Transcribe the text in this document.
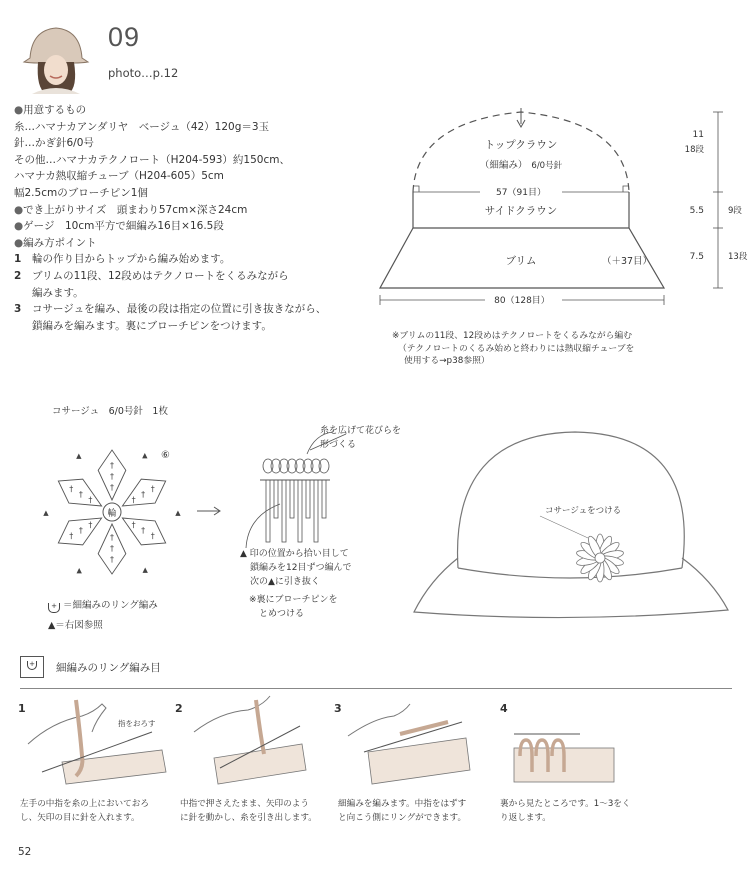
09
photo…p.12
●用意するもの
糸…ハマナカアンダリヤ　ベージュ（42）120g＝3玉
針…かぎ針6/0号
その他…ハマナカテクノロート（H204-593）約150cm、
ハマナカ熱収縮チューブ（H204-605）5cm
幅2.5cmのブローチピン1個
●でき上がりサイズ　頭まわり57cm×深さ24cm
●ゲージ　10cm平方で細編み16目×16.5段
●編み方ポイント
1 輪の作り目からトップから編み始めます。
2 ブリムの11段、12段めはテクノロートをくるみながら
編みます。
3 コサージュを編み、最後の段は指定の位置に引き抜きながら、
鎖編みを編みます。裏にブローチピンをつけます。
トップクラウン
（細編み） 6/0号針
57（91目）
サイドクラウン
ブリム	（＋37目）
80（128目）
11
18段
5.5	9段
7.5	13段
※ブリムの11段、12段めはテクノロートをくるみながら編む
（テクノロートのくるみ始めと終わりには熱収縮チューブを
使用する→p38参照）
コサージュ　6/0号針　1枚
†
†
†
▲
†
†
†
▲
†
†
†
▲
†
†
†
▲
†
†
†
▲
†
†
†
▲
輪
⑥
+ ＝細編みのリング編み
▲＝右図参照
糸を広げて花びらを
形づくる
▲ 印の位置から拾い目して
鎖編みを12目ずつ編んで
次の▲に引き抜く
※裏にブローチピンを
とめつける
コサージュをつける
+ 細編みのリング編み目
1	2	3	4
指をおろす
左手の中指を糸の上においておろ
し、矢印の目に針を入れます。
中指で押さえたまま、矢印のよう
に針を動かし、糸を引き出します。
細編みを編みます。中指をはずす
と向こう側にリングができます。
裏から見たところです。1～3をく
り返します。
52
